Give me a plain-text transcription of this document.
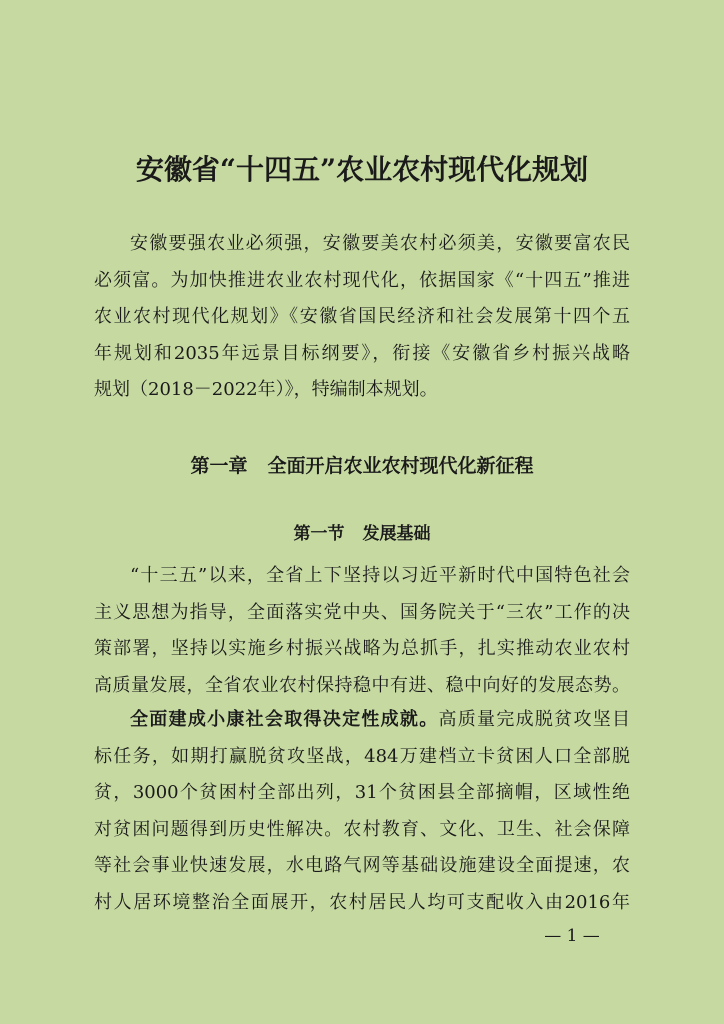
安徽省“十四五”农业农村现代化规划
安徽要强农业必须强，安徽要美农村必须美，安徽要富农民
必须富。为加快推进农业农村现代化，依据国家《“十四五”推进
农业农村现代化规划》《安徽省国民经济和社会发展第十四个五
年规划和2035年远景目标纲要》，衔接《安徽省乡村振兴战略
规划（2018－2022年）》，特编制本规划。
第一章 全面开启农业农村现代化新征程
第一节 发展基础
“十三五”以来，全省上下坚持以习近平新时代中国特色社会
主义思想为指导，全面落实党中央、国务院关于“三农”工作的决
策部署，坚持以实施乡村振兴战略为总抓手，扎实推动农业农村
高质量发展，全省农业农村保持稳中有进、稳中向好的发展态势。
全面建成小康社会取得决定性成就。高质量完成脱贫攻坚目
标任务，如期打赢脱贫攻坚战，484万建档立卡贫困人口全部脱
贫，3000个贫困村全部出列，31个贫困县全部摘帽，区域性绝
对贫困问题得到历史性解决。农村教育、文化、卫生、社会保障
等社会事业快速发展，水电路气网等基础设施建设全面提速，农
村人居环境整治全面展开，农村居民人均可支配收入由2016年
— 1 —
